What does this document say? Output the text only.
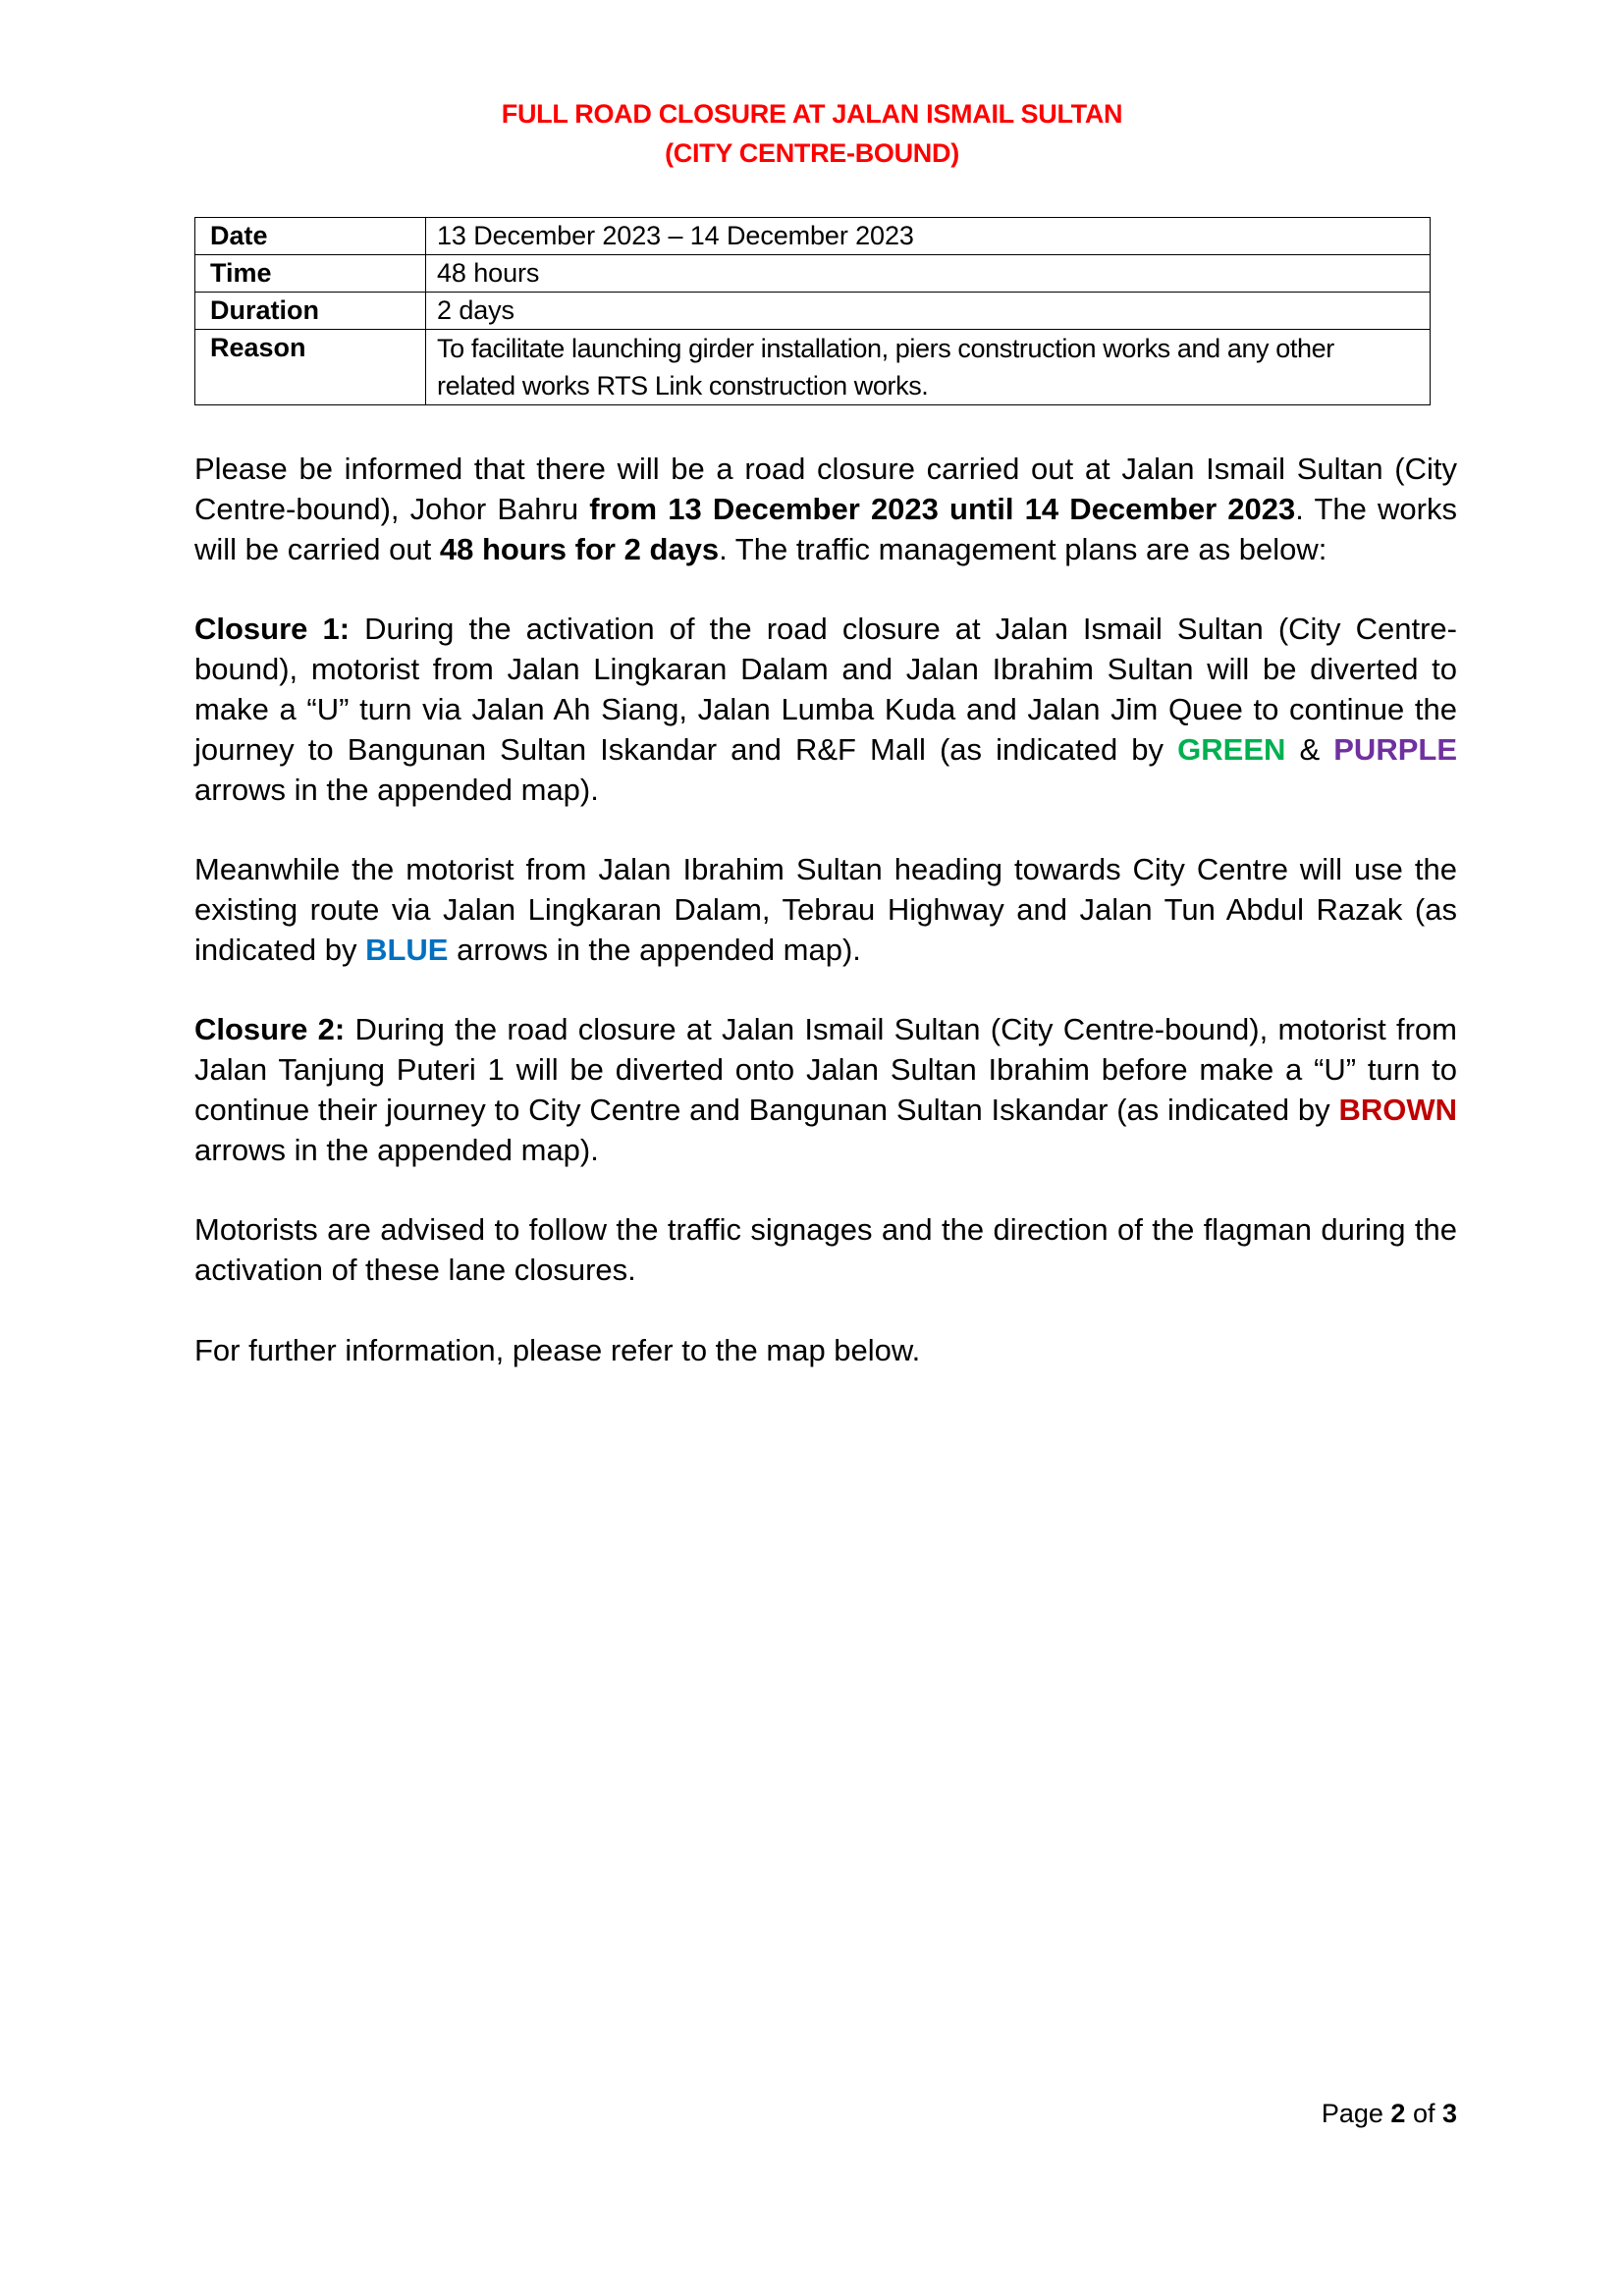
FULL ROAD CLOSURE AT JALAN ISMAIL SULTAN
(CITY CENTRE-BOUND)
Date	13 December 2023 – 14 December 2023
Time	48 hours
Duration	2 days
Reason	To facilitate launching girder installation, piers construction works and any other related works RTS Link construction works.

Please be informed that there will be a road closure carried out at Jalan Ismail Sultan (City Centre-bound), Johor Bahru from 13 December 2023 until 14 December 2023. The works will be carried out 48 hours for 2 days. The traffic management plans are as below:

Closure 1: During the activation of the road closure at Jalan Ismail Sultan (City Centre-bound), motorist from Jalan Lingkaran Dalam and Jalan Ibrahim Sultan will be diverted to make a “U” turn via Jalan Ah Siang, Jalan Lumba Kuda and Jalan Jim Quee to continue the journey to Bangunan Sultan Iskandar and R&F Mall (as indicated by GREEN & PURPLE arrows in the appended map).

Meanwhile the motorist from Jalan Ibrahim Sultan heading towards City Centre will use the existing route via Jalan Lingkaran Dalam, Tebrau Highway and Jalan Tun Abdul Razak (as indicated by BLUE arrows in the appended map).

Closure 2: During the road closure at Jalan Ismail Sultan (City Centre-bound), motorist from Jalan Tanjung Puteri 1 will be diverted onto Jalan Sultan Ibrahim before make a “U” turn to continue their journey to City Centre and Bangunan Sultan Iskandar (as indicated by BROWN arrows in the appended map).

Motorists are advised to follow the traffic signages and the direction of the flagman during the activation of these lane closures.

For further information, please refer to the map below.

Page 2 of 3
